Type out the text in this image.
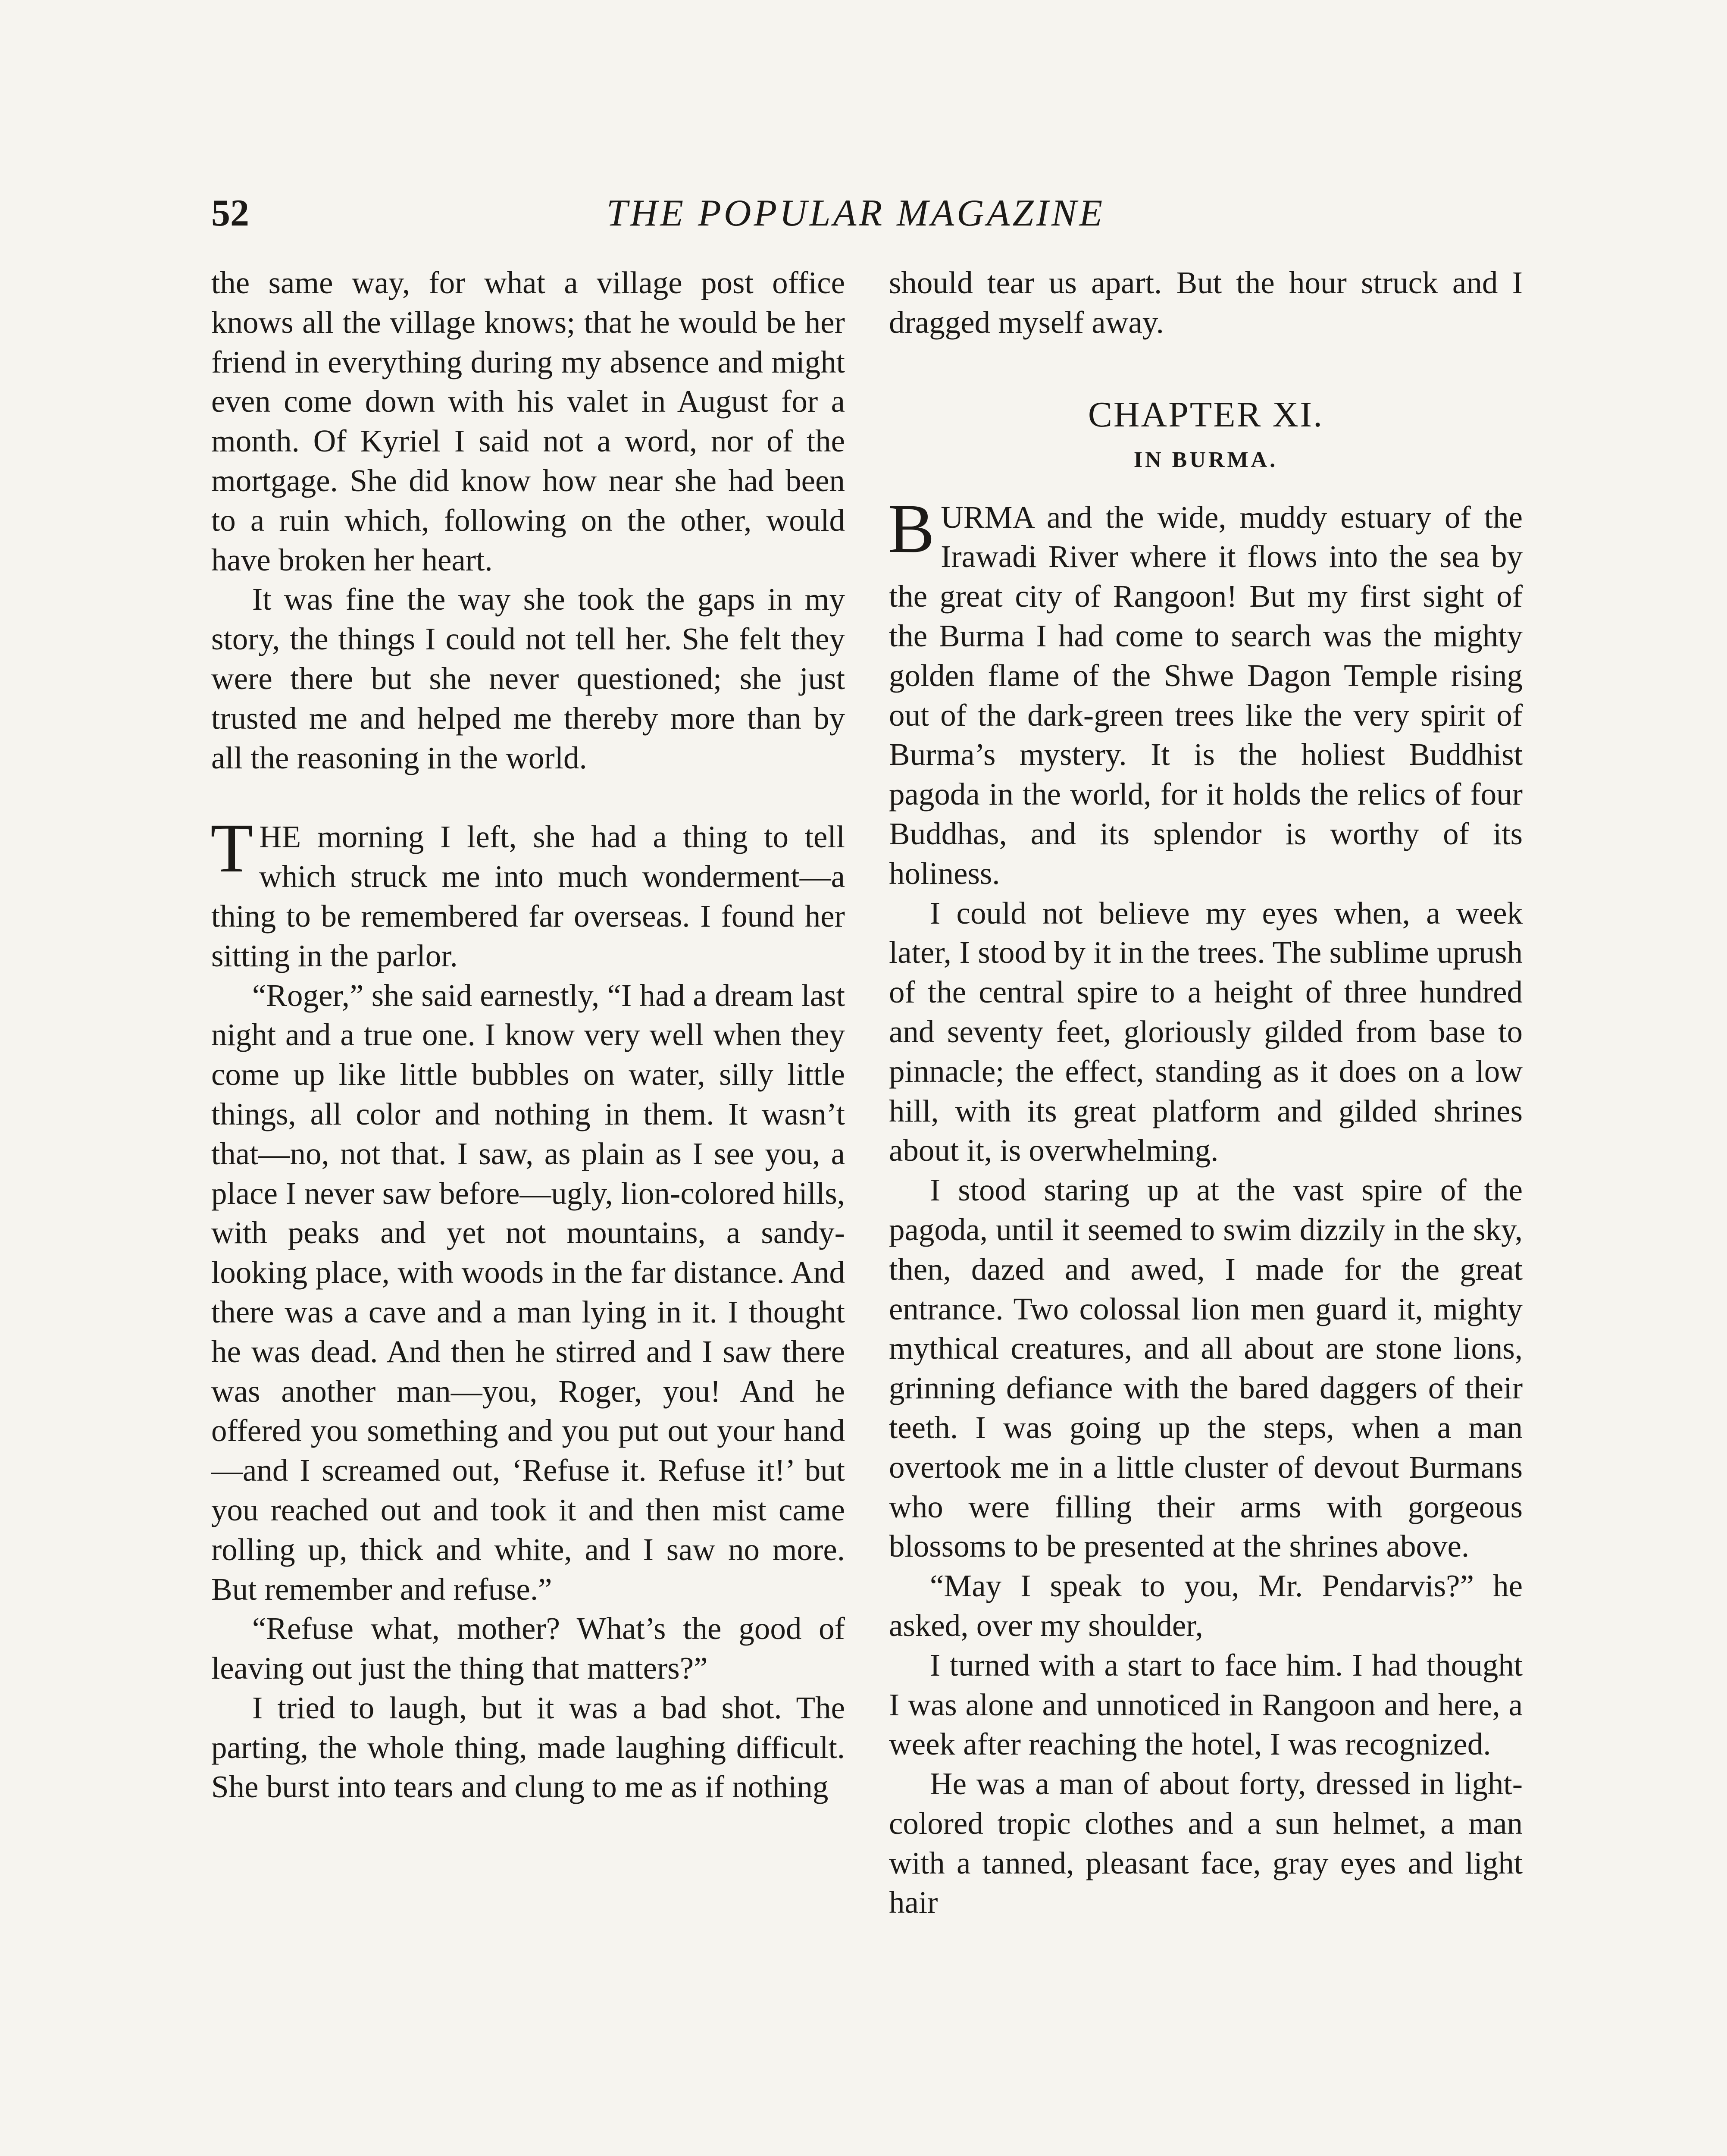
52	THE POPULAR MAGAZINE

the same way, for what a village post office knows all the village knows; that he would be her friend in everything during my absence and might even come down with his valet in August for a month. Of Kyriel I said not a word, nor of the mortgage. She did know how near she had been to a ruin which, following on the other, would have broken her heart.

It was fine the way she took the gaps in my story, the things I could not tell her. She felt they were there but she never questioned; she just trusted me and helped me thereby more than by all the reasoning in the world.

THE morning I left, she had a thing to tell which struck me into much wonderment—a thing to be remembered far overseas. I found her sitting in the parlor.

“Roger,” she said earnestly, “I had a dream last night and a true one. I know very well when they come up like little bubbles on water, silly little things, all color and nothing in them. It wasn’t that—no, not that. I saw, as plain as I see you, a place I never saw before—ugly, lion-colored hills, with peaks and yet not mountains, a sandy-looking place, with woods in the far distance. And there was a cave and a man lying in it. I thought he was dead. And then he stirred and I saw there was another man—you, Roger, you! And he offered you something and you put out your hand—and I screamed out, ‘Refuse it. Refuse it!’ but you reached out and took it and then mist came rolling up, thick and white, and I saw no more. But remember and refuse.”

“Refuse what, mother? What’s the good of leaving out just the thing that matters?”

I tried to laugh, but it was a bad shot. The parting, the whole thing, made laughing difficult. She burst into tears and clung to me as if nothing

should tear us apart. But the hour struck and I dragged myself away.

CHAPTER XI.
IN BURMA.

BURMA and the wide, muddy estuary of the Irawadi River where it flows into the sea by the great city of Rangoon! But my first sight of the Burma I had come to search was the mighty golden flame of the Shwe Dagon Temple rising out of the dark-green trees like the very spirit of Burma’s mystery. It is the holiest Buddhist pagoda in the world, for it holds the relics of four Buddhas, and its splendor is worthy of its holiness.

I could not believe my eyes when, a week later, I stood by it in the trees. The sublime uprush of the central spire to a height of three hundred and seventy feet, gloriously gilded from base to pinnacle; the effect, standing as it does on a low hill, with its great platform and gilded shrines about it, is overwhelming.

I stood staring up at the vast spire of the pagoda, until it seemed to swim dizzily in the sky, then, dazed and awed, I made for the great entrance. Two colossal lion men guard it, mighty mythical creatures, and all about are stone lions, grinning defiance with the bared daggers of their teeth. I was going up the steps, when a man overtook me in a little cluster of devout Burmans who were filling their arms with gorgeous blossoms to be presented at the shrines above.

“May I speak to you, Mr. Pendarvis?” he asked, over my shoulder,

I turned with a start to face him. I had thought I was alone and unnoticed in Rangoon and here, a week after reaching the hotel, I was recognized.

He was a man of about forty, dressed in light-colored tropic clothes and a sun helmet, a man with a tanned, pleasant face, gray eyes and light hair
